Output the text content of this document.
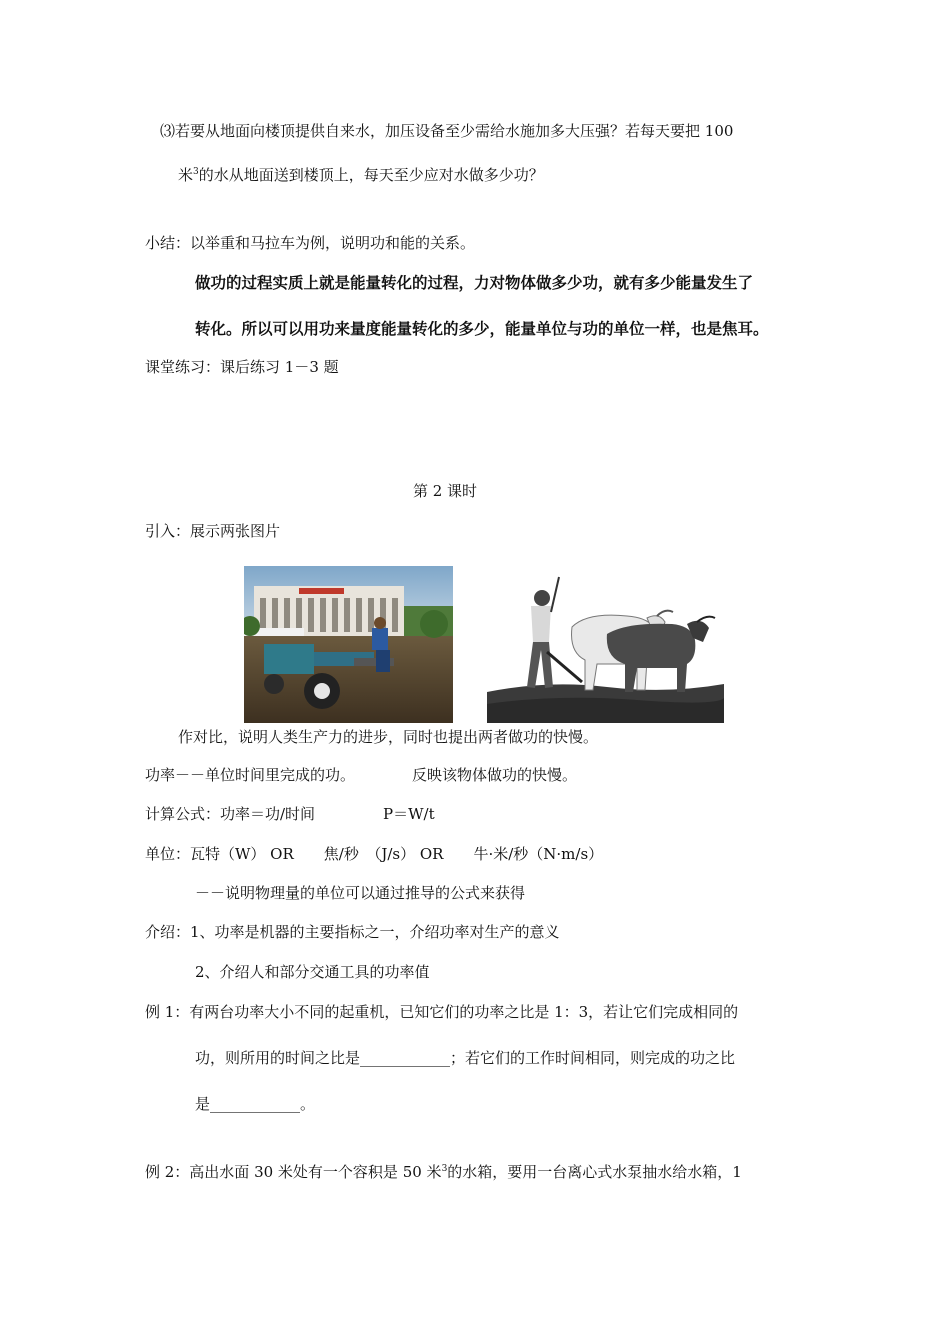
⑶若要从地面向楼顶提供自来水，加压设备至少需给水施加多大压强？若每天要把 100
米$^3$的水从地面送到楼顶上，每天至少应对水做多少功？
小结：以举重和马拉车为例，说明功和能的关系。
做功的过程实质上就是能量转化的过程，力对物体做多少功，就有多少能量发生了
转化。所以可以用功来量度能量转化的多少，能量单位与功的单位一样，也是焦耳。
课堂练习：课后练习 1－3 题
第 2 课时
引入：展示两张图片
作对比，说明人类生产力的进步，同时也提出两者做功的快慢。
功率－－单位时间里完成的功。	反映该物体做功的快慢。
计算公式：功率＝功/时间	P＝W/t
单位：瓦特（W） OR　　焦/秒　（J/s） OR　　牛·米/秒（N·m/s）
－－说明物理量的单位可以通过推导的公式来获得
介绍：1、功率是机器的主要指标之一，介绍功率对生产的意义
2、介绍人和部分交通工具的功率值
例 1：有两台功率大小不同的起重机，已知它们的功率之比是 1：3，若让它们完成相同的
功，则所用的时间之比是____________；若它们的工作时间相同，则完成的功之比
是____________。
例 2：高出水面 30 米处有一个容积是 50 米$^3$的水箱，要用一台离心式水泵抽水给水箱，1
